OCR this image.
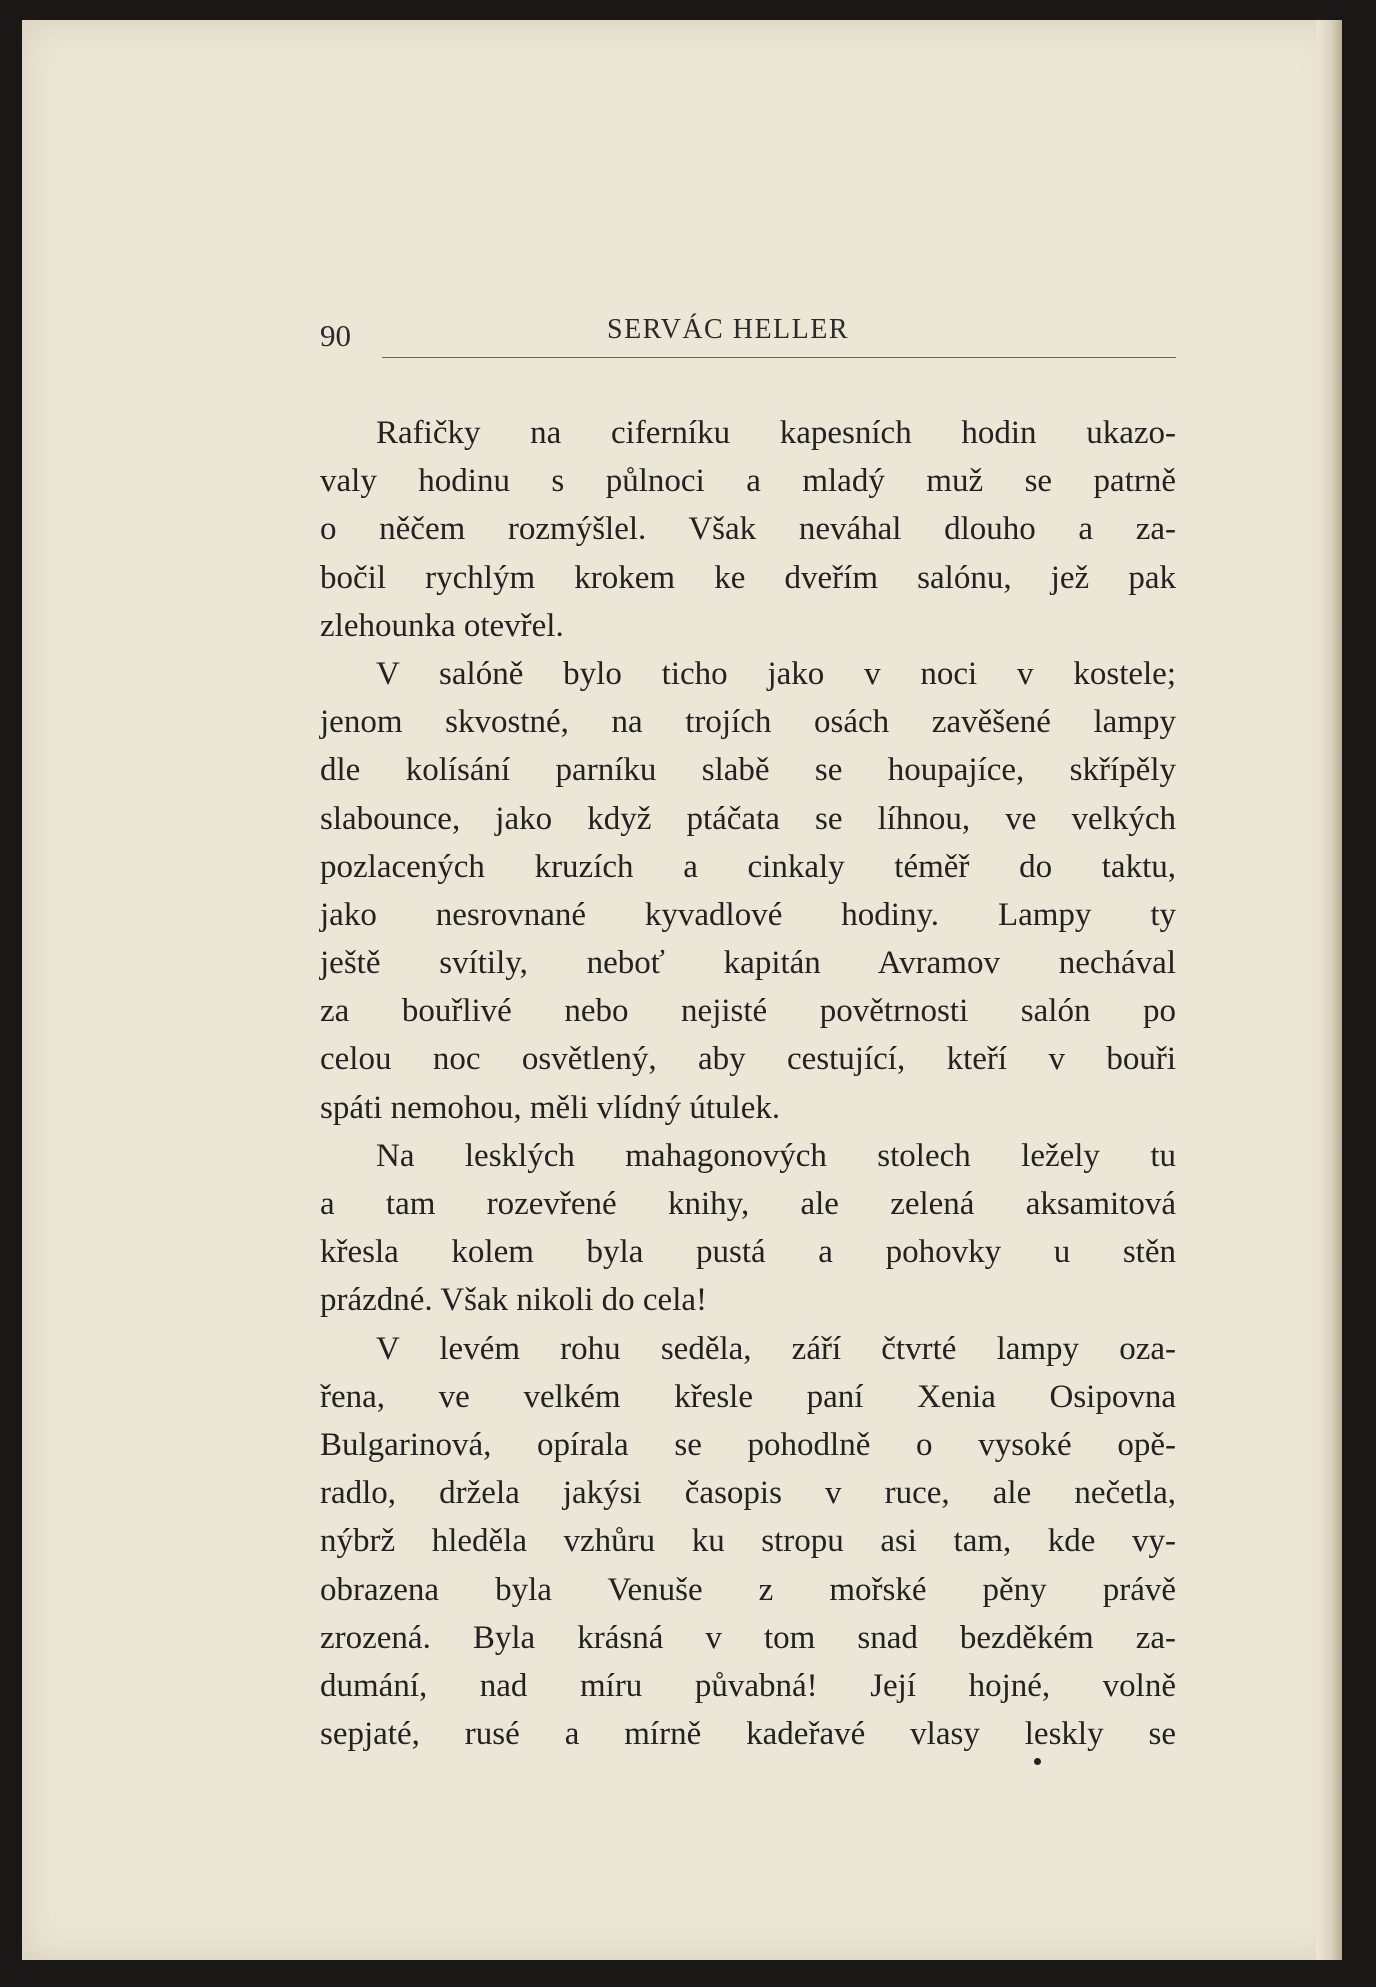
90	SERVÁC HELLER
Rafičky na ciferníku kapesních hodin ukazo-
valy hodinu s půlnoci a mladý muž se patrně
o něčem rozmýšlel. Však neváhal dlouho a za-
bočil rychlým krokem ke dveřím salónu, jež pak
zlehounka otevřel.
V salóně bylo ticho jako v noci v kostele;
jenom skvostné, na trojích osách zavěšené lampy
dle kolísání parníku slabě se houpajíce, skřípěly
slabounce, jako když ptáčata se líhnou, ve velkých
pozlacených kruzích a cinkaly téměř do taktu,
jako nesrovnané kyvadlové hodiny. Lampy ty
ještě svítily, neboť kapitán Avramov nechával
za bouřlivé nebo nejisté povětrnosti salón po
celou noc osvětlený, aby cestující, kteří v bouři
spáti nemohou, měli vlídný útulek.
Na lesklých mahagonových stolech ležely tu
a tam rozevřené knihy, ale zelená aksamitová
křesla kolem byla pustá a pohovky u stěn
prázdné. Však nikoli do cela!
V levém rohu seděla, září čtvrté lampy oza-
řena, ve velkém křesle paní Xenia Osipovna
Bulgarinová, opírala se pohodlně o vysoké opě-
radlo, držela jakýsi časopis v ruce, ale nečetla,
nýbrž hleděla vzhůru ku stropu asi tam, kde vy-
obrazena byla Venuše z mořské pěny právě
zrozená. Byla krásná v tom snad bezděkém za-
dumání, nad míru půvabná! Její hojné, volně
sepjaté, rusé a mírně kadeřavé vlasy leskly se
